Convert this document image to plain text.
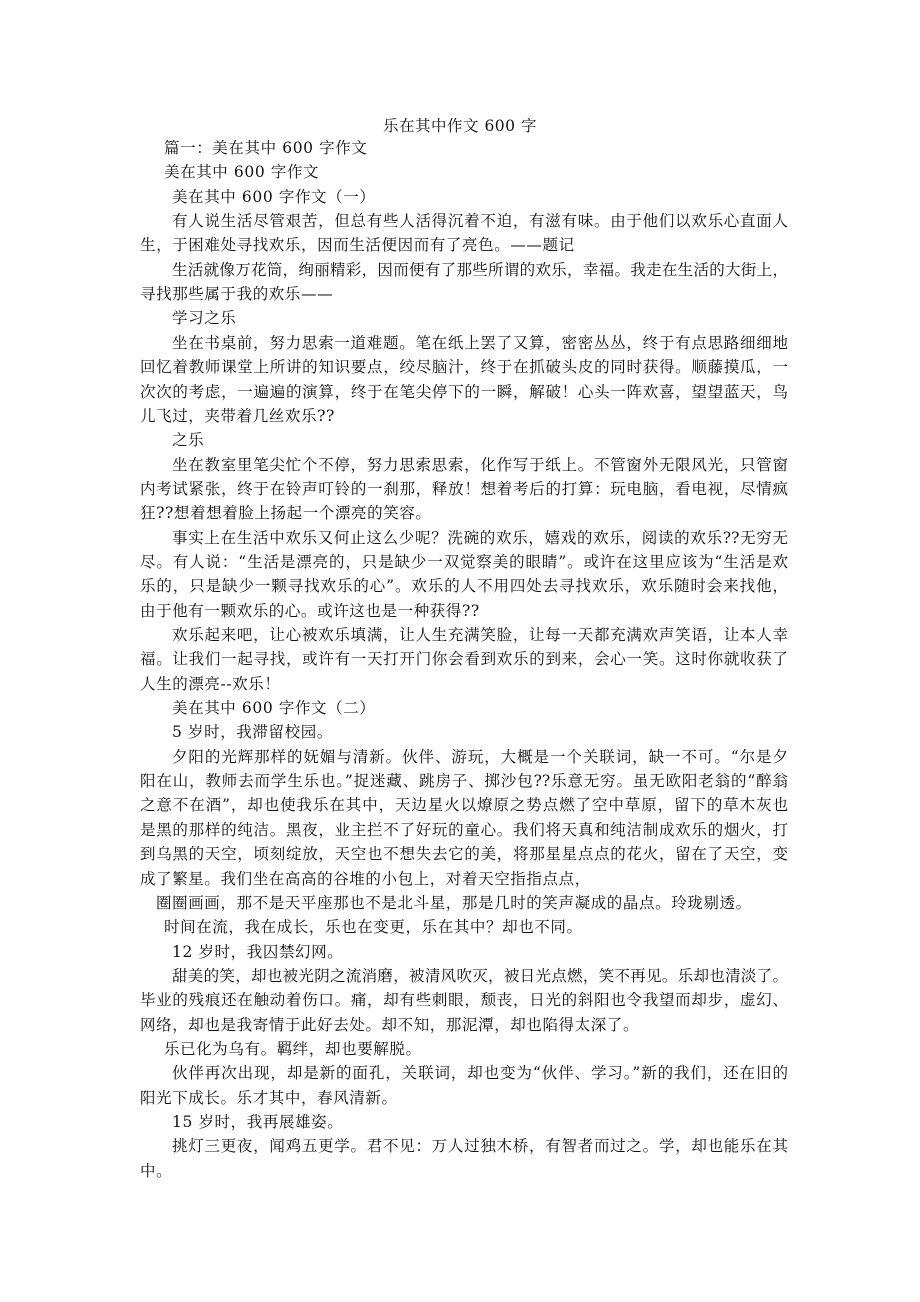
乐在其中作文 600 字
篇一：美在其中 600 字作文
美在其中 600 字作文
美在其中 600 字作文（一）
有人说生活尽管艰苦，但总有些人活得沉着不迫，有滋有味。由于他们以欢乐心直面人
生，于困难处寻找欢乐，因而生活便因而有了亮色。——题记
生活就像万花筒，绚丽精彩，因而便有了那些所谓的欢乐，幸福。我走在生活的大街上，
寻找那些属于我的欢乐——
学习之乐
坐在书桌前，努力思索一道难题。笔在纸上罢了又算，密密丛丛，终于有点思路细细地
回忆着教师课堂上所讲的知识要点，绞尽脑汁，终于在抓破头皮的同时获得。顺藤摸瓜，一
次次的考虑，一遍遍的演算，终于在笔尖停下的一瞬，解破！心头一阵欢喜，望望蓝天，鸟
儿飞过，夹带着几丝欢乐??
之乐
坐在教室里笔尖忙个不停，努力思索思索，化作写于纸上。不管窗外无限风光，只管窗
内考试紧张，终于在铃声叮铃的一刹那，释放！想着考后的打算：玩电脑，看电视，尽情疯
狂??想着想着脸上扬起一个漂亮的笑容。
事实上在生活中欢乐又何止这么少呢？洗碗的欢乐，嬉戏的欢乐，阅读的欢乐??无穷无
尽。有人说：“生活是漂亮的，只是缺少一双觉察美的眼睛”。或许在这里应该为“生活是欢
乐的，只是缺少一颗寻找欢乐的心”。欢乐的人不用四处去寻找欢乐，欢乐随时会来找他，
由于他有一颗欢乐的心。或许这也是一种获得??
欢乐起来吧，让心被欢乐填满，让人生充满笑脸，让每一天都充满欢声笑语，让本人幸
福。让我们一起寻找，或许有一天打开门你会看到欢乐的到来，会心一笑。这时你就收获了
人生的漂亮--欢乐！
美在其中 600 字作文（二）
5 岁时，我滞留校园。
夕阳的光辉那样的妩媚与清新。伙伴、游玩，大概是一个关联词，缺一不可。“尔是夕
阳在山，教师去而学生乐也。”捉迷藏、跳房子、掷沙包??乐意无穷。虽无欧阳老翁的“醉翁
之意不在酒”，却也使我乐在其中，天边星火以燎原之势点燃了空中草原，留下的草木灰也
是黑的那样的纯洁。黑夜，业主拦不了好玩的童心。我们将天真和纯洁制成欢乐的烟火，打
到乌黑的天空，顷刻绽放，天空也不想失去它的美，将那星星点点的花火，留在了天空，变
成了繁星。我们坐在高高的谷堆的小包上，对着天空指指点点，
圈圈画画，那不是天平座那也不是北斗星，那是几时的笑声凝成的晶点。玲珑剔透。
时间在流，我在成长，乐也在变更，乐在其中？却也不同。
12 岁时，我囚禁幻网。
甜美的笑，却也被光阴之流消磨，被清风吹灭，被日光点燃，笑不再见。乐却也清淡了。
毕业的残痕还在触动着伤口。痛，却有些刺眼，颓丧，日光的斜阳也令我望而却步，虚幻、
网络，却也是我寄情于此好去处。却不知，那泥潭，却也陷得太深了。
乐已化为乌有。羁绊，却也要解脱。
伙伴再次出现，却是新的面孔，关联词，却也变为“伙伴、学习。”新的我们，还在旧的
阳光下成长。乐才其中，春风清新。
15 岁时，我再展雄姿。
挑灯三更夜，闻鸡五更学。君不见：万人过独木桥，有智者而过之。学，却也能乐在其
中。
